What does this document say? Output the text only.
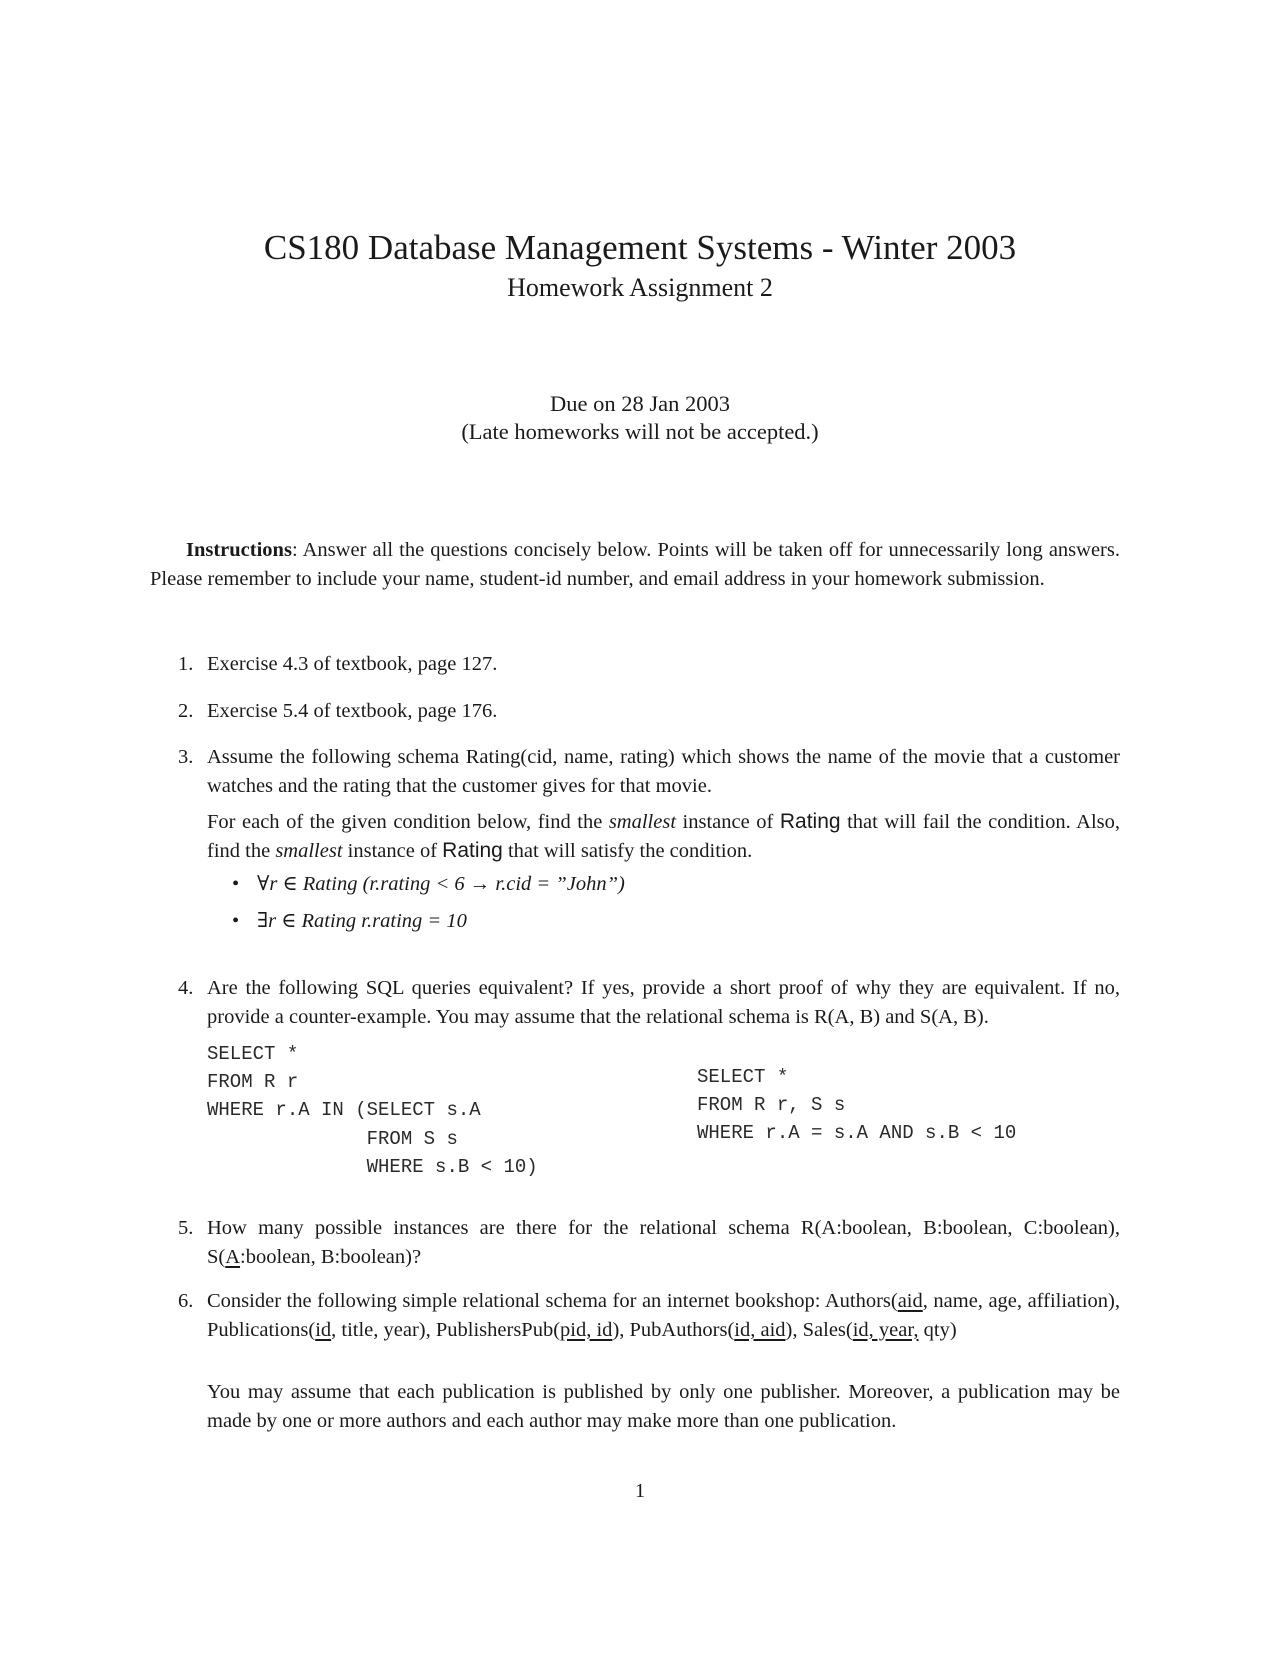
CS180 Database Management Systems - Winter 2003
Homework Assignment 2
Due on 28 Jan 2003
(Late homeworks will not be accepted.)
Instructions: Answer all the questions concisely below. Points will be taken off for unnecessarily long answers. Please remember to include your name, student-id number, and email address in your homework submission.
1. Exercise 4.3 of textbook, page 127.
2. Exercise 5.4 of textbook, page 176.
3. Assume the following schema Rating(cid, name, rating) which shows the name of the movie that a customer watches and the rating that the customer gives for that movie.
For each of the given condition below, find the smallest instance of Rating that will fail the condition. Also, find the smallest instance of Rating that will satisfy the condition.
• ∀r ∈ Rating (r.rating < 6 → r.cid = ”John”)
• ∃r ∈ Rating r.rating = 10
4. Are the following SQL queries equivalent? If yes, provide a short proof of why they are equivalent. If no, provide a counter-example. You may assume that the relational schema is R(A, B) and S(A, B).
SELECT *
FROM R r
WHERE r.A IN (SELECT s.A
FROM S s
WHERE s.B < 10)
SELECT *
FROM R r, S s
WHERE r.A = s.A AND s.B < 10
5. How many possible instances are there for the relational schema R(A:boolean, B:boolean, C:boolean), S(A:boolean, B:boolean)?
6. Consider the following simple relational schema for an internet bookshop: Authors(aid, name, age, affiliation), Publications(id, title, year), PublishersPub(pid, id), PubAuthors(id, aid), Sales(id, year, qty)
You may assume that each publication is published by only one publisher. Moreover, a publication may be made by one or more authors and each author may make more than one publication.
1
